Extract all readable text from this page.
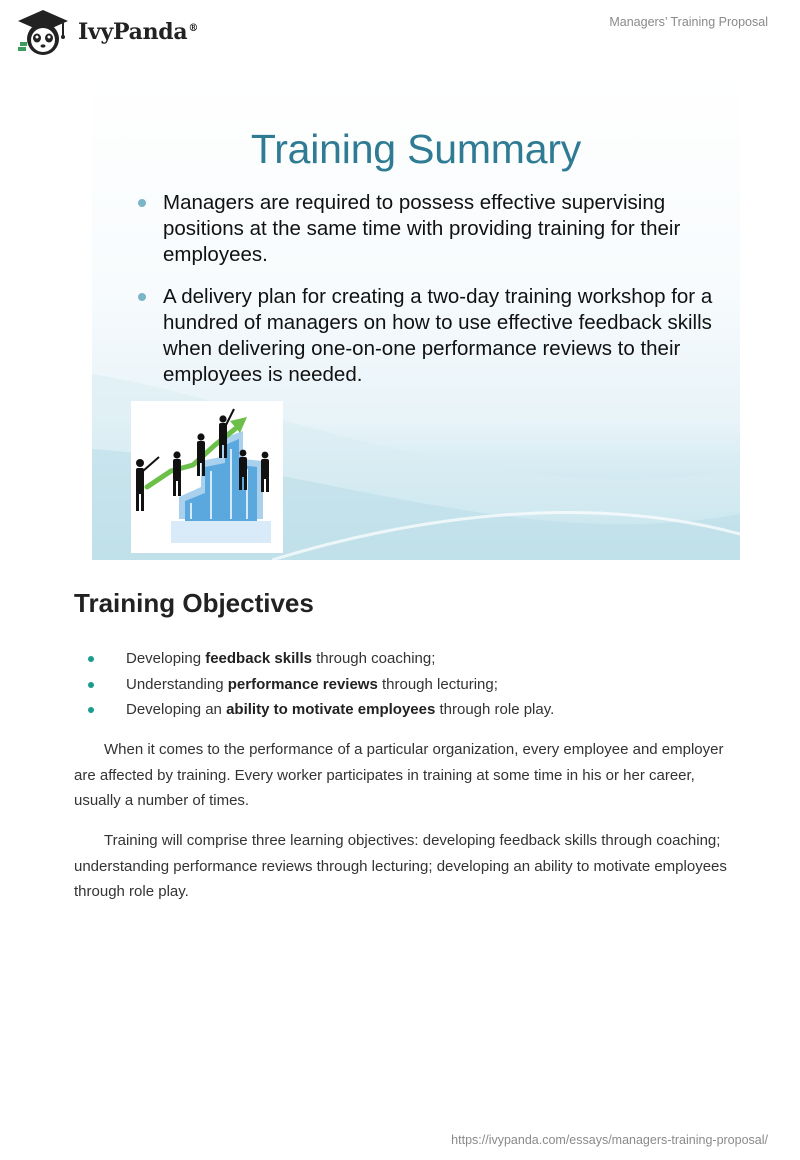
IvyPanda®	Managers’ Training Proposal
Training Summary
Managers are required to possess effective supervising positions at the same time with providing training for their employees.
A delivery plan for creating a two-day training workshop for a hundred of managers on how to use effective feedback skills when delivering one-on-one performance reviews to their employees is needed.
Training Objectives
Developing feedback skills through coaching;
Understanding performance reviews through lecturing;
Developing an ability to motivate employees through role play.

When it comes to the performance of a particular organization, every employee and employer are affected by training. Every worker participates in training at some time in his or her career, usually a number of times.

Training will comprise three learning objectives: developing feedback skills through coaching; understanding performance reviews through lecturing; developing an ability to motivate employees through role play.

https://ivypanda.com/essays/managers-training-proposal/
